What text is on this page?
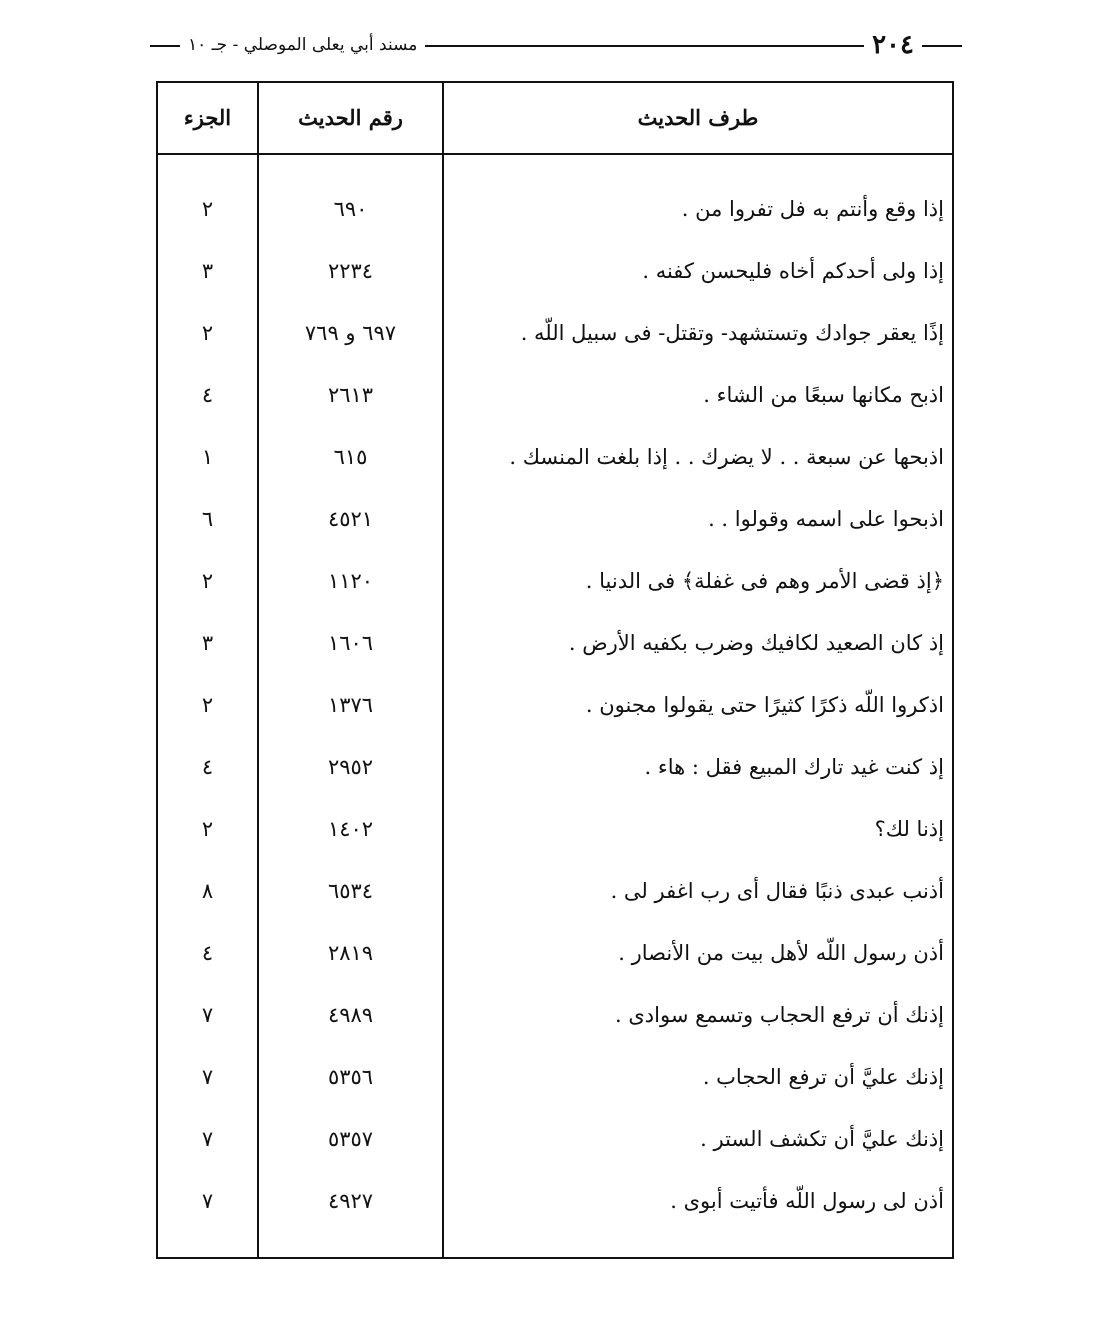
مسند أبي يعلى الموصلي - جـ ١٠	٢٠٤
طرف الحديث
رقم الحديث
الجزء
إذا وقع وأنتم به فل تفروا من .
٦٩٠
٢
إذا ولى أحدكم أخاه فليحسن كفنه .
٢٢٣٤
٣
إذًا يعقر جوادك وتستشهد- وتقتل- فى سبيل اللّه .
٦٩٧ و ٧٦٩
٢
اذبح مكانها سبعًا من الشاء .
٢٦١٣
٤
اذبحها عن سبعة . . لا يضرك . . إذا بلغت المنسك .
٦١٥
١
اذبحوا على اسمه وقولوا . .
٤٥٢١
٦
﴿إذ قضى الأمر وهم فى غفلة﴾ فى الدنيا .
١١٢٠
٢
إذ كان الصعيد لكافيك وضرب بكفيه الأرض .
١٦٠٦
٣
اذكروا اللّه ذكرًا كثيرًا حتى يقولوا مجنون .
١٣٧٦
٢
إذ كنت غيد تارك المبيع فقل : هاء .
٢٩٥٢
٤
إذنا لك؟
١٤٠٢
٢
أذنب عبدى ذنبًا فقال أى رب اغفر لى .
٦٥٣٤
٨
أذن رسول اللّه لأهل بيت من الأنصار .
٢٨١٩
٤
إذنك أن ترفع الحجاب وتسمع سوادى .
٤٩٨٩
٧
إذنك عليَّ أن ترفع الحجاب .
٥٣٥٦
٧
إذنك عليَّ أن تكشف الستر .
٥٣٥٧
٧
أذن لى رسول اللّه فأتيت أبوى .
٤٩٢٧
٧
